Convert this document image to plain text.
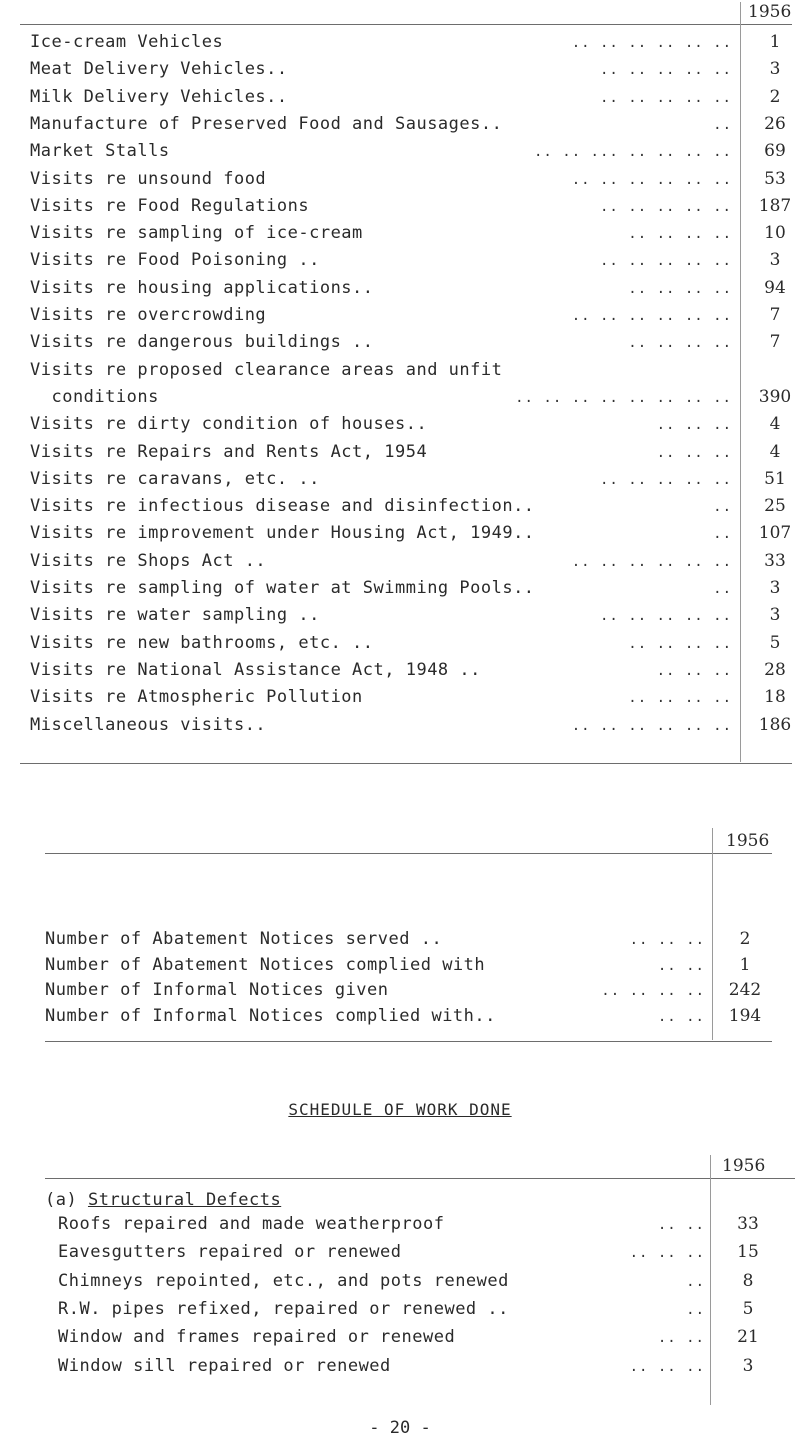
1956
Ice-cream Vehicles	.. .. .. .. .. ..	1
Meat Delivery Vehicles..	.. .. .. .. ..	3
Milk Delivery Vehicles..	.. .. .. .. ..	2
Manufacture of Preserved Food and Sausages..	..	26
Market Stalls	.. .. ... .. .. .. ..	69
Visits re unsound food	.. .. .. .. .. ..	53
Visits re Food Regulations	.. .. .. .. ..	187
Visits re sampling of ice-cream	.. .. .. ..	10
Visits re Food Poisoning ..	.. .. .. .. ..	3
Visits re housing applications..	.. .. .. ..	94
Visits re overcrowding	.. .. .. .. .. ..	7
Visits re dangerous buildings ..	.. .. .. ..	7
Visits re proposed clearance areas and unfit
conditions	.. .. .. .. .. .. .. ..	390
Visits re dirty condition of houses..	.. .. ..	4
Visits re Repairs and Rents Act, 1954	.. .. ..	4
Visits re caravans, etc. ..	.. .. .. .. ..	51
Visits re infectious disease and disinfection..	..	25
Visits re improvement under Housing Act, 1949..	..	107
Visits re Shops Act ..	.. .. .. .. .. ..	33
Visits re sampling of water at Swimming Pools..	..	3
Visits re water sampling ..	.. .. .. .. ..	3
Visits re new bathrooms, etc. ..	.. .. .. ..	5
Visits re National Assistance Act, 1948 ..	.. .. ..	28
Visits re Atmospheric Pollution	.. .. .. ..	18
Miscellaneous visits..	.. .. .. .. .. ..	186
1956
Number of Abatement Notices served ..	.. .. ..	2
Number of Abatement Notices complied with	.. ..	1
Number of Informal Notices given	.. .. .. ..	242
Number of Informal Notices complied with..	.. ..	194
SCHEDULE OF WORK DONE
1956
(a) Structural Defects
Roofs repaired and made weatherproof	.. ..	33
Eavesgutters repaired or renewed	.. .. ..	15
Chimneys repointed, etc., and pots renewed	..	8
R.W. pipes refixed, repaired or renewed ..	..	5
Window and frames repaired or renewed	.. ..	21
Window sill repaired or renewed	.. .. ..	3
- 20 -
